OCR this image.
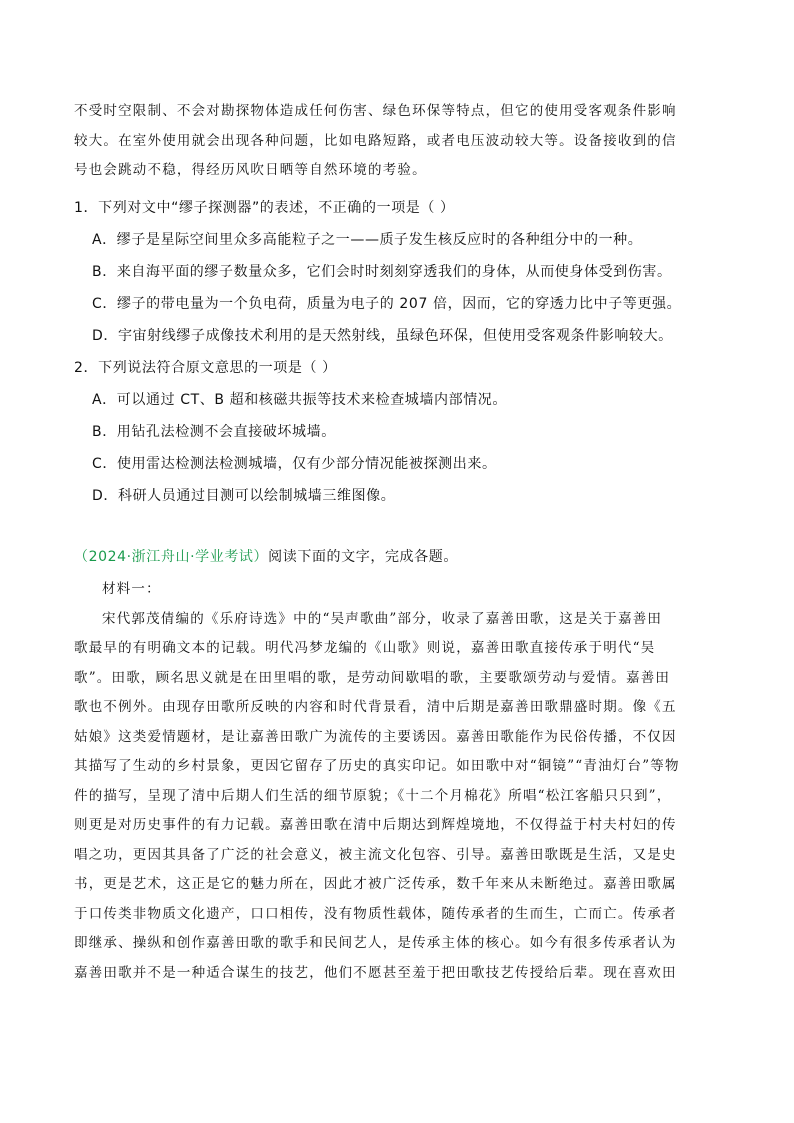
不受时空限制、不会对勘探物体造成任何伤害、绿色环保等特点，但它的使用受客观条件影响
较大。在室外使用就会出现各种问题，比如电路短路，或者电压波动较大等。设备接收到的信
号也会跳动不稳，得经历风吹日晒等自然环境的考验。
1．下列对文中“缪子探测器”的表述，不正确的一项是（ ）
A．缪子是星际空间里众多高能粒子之一——质子发生核反应时的各种组分中的一种。
B．来自海平面的缪子数量众多，它们会时时刻刻穿透我们的身体，从而使身体受到伤害。
C．缪子的带电量为一个负电荷，质量为电子的 207 倍，因而，它的穿透力比中子等更强。
D．宇宙射线缪子成像技术利用的是天然射线，虽绿色环保，但使用受客观条件影响较大。
2．下列说法符合原文意思的一项是（ ）
A．可以通过 CT、B 超和核磁共振等技术来检查城墙内部情况。
B．用钻孔法检测不会直接破坏城墙。
C．使用雷达检测法检测城墙，仅有少部分情况能被探测出来。
D．科研人员通过目测可以绘制城墙三维图像。
（2024·浙江舟山·学业考试）阅读下面的文字，完成各题。
材料一：
宋代郭茂倩编的《乐府诗选》中的“吴声歌曲”部分，收录了嘉善田歌，这是关于嘉善田
歌最早的有明确文本的记载。明代冯梦龙编的《山歌》则说，嘉善田歌直接传承于明代“吴
歌”。田歌，顾名思义就是在田里唱的歌，是劳动间歇唱的歌，主要歌颂劳动与爱情。嘉善田
歌也不例外。由现存田歌所反映的内容和时代背景看，清中后期是嘉善田歌鼎盛时期。像《五
姑娘》这类爱情题材，是让嘉善田歌广为流传的主要诱因。嘉善田歌能作为民俗传播，不仅因
其描写了生动的乡村景象，更因它留存了历史的真实印记。如田歌中对“铜镜”“青油灯台”等物
件的描写，呈现了清中后期人们生活的细节原貌；《十二个月棉花》所唱“松江客船只只到”，
则更是对历史事件的有力记载。嘉善田歌在清中后期达到辉煌境地，不仅得益于村夫村妇的传
唱之功，更因其具备了广泛的社会意义，被主流文化包容、引导。嘉善田歌既是生活，又是史
书，更是艺术，这正是它的魅力所在，因此才被广泛传承，数千年来从未断绝过。嘉善田歌属
于口传类非物质文化遗产，口口相传，没有物质性载体，随传承者的生而生，亡而亡。传承者
即继承、操纵和创作嘉善田歌的歌手和民间艺人，是传承主体的核心。如今有很多传承者认为
嘉善田歌并不是一种适合谋生的技艺，他们不愿甚至羞于把田歌技艺传授给后辈。现在喜欢田
